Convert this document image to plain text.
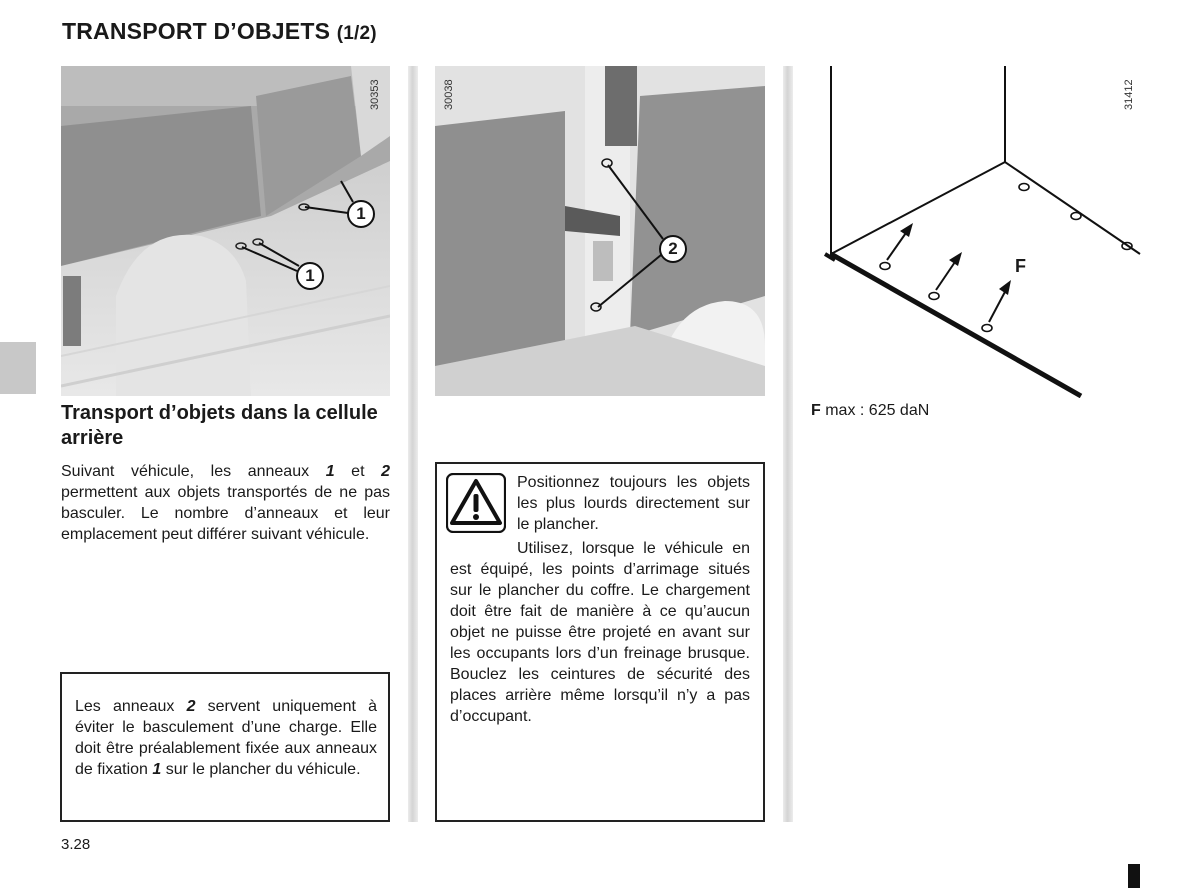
TRANSPORT D’OBJETS (1/2)
30353
1
1
30038
2
31412
F
Transport d’objets dans la cellule arrière
Suivant véhicule, les anneaux 1 et 2 permettent aux objets transportés de ne pas basculer. Le nombre d’anneaux et leur emplacement peut différer suivant véhicule.
Les anneaux 2 servent uniquement à éviter le basculement d’une charge. Elle doit être préalablement fixée aux anneaux de fixation 1 sur le plancher du véhicule.
Positionnez toujours les objets les plus lourds directement sur le plancher.
Utilisez, lorsque le véhicule en est équipé, les points d’arrimage situés sur le plancher du coffre. Le chargement doit être fait de manière à ce qu’aucun objet ne puisse être projeté en avant sur les occupants lors d’un freinage brusque. Bouclez les ceintures de sécurité des places arrière même lorsqu’il n’y a pas d’occupant.
F max : 625 daN
3.28
